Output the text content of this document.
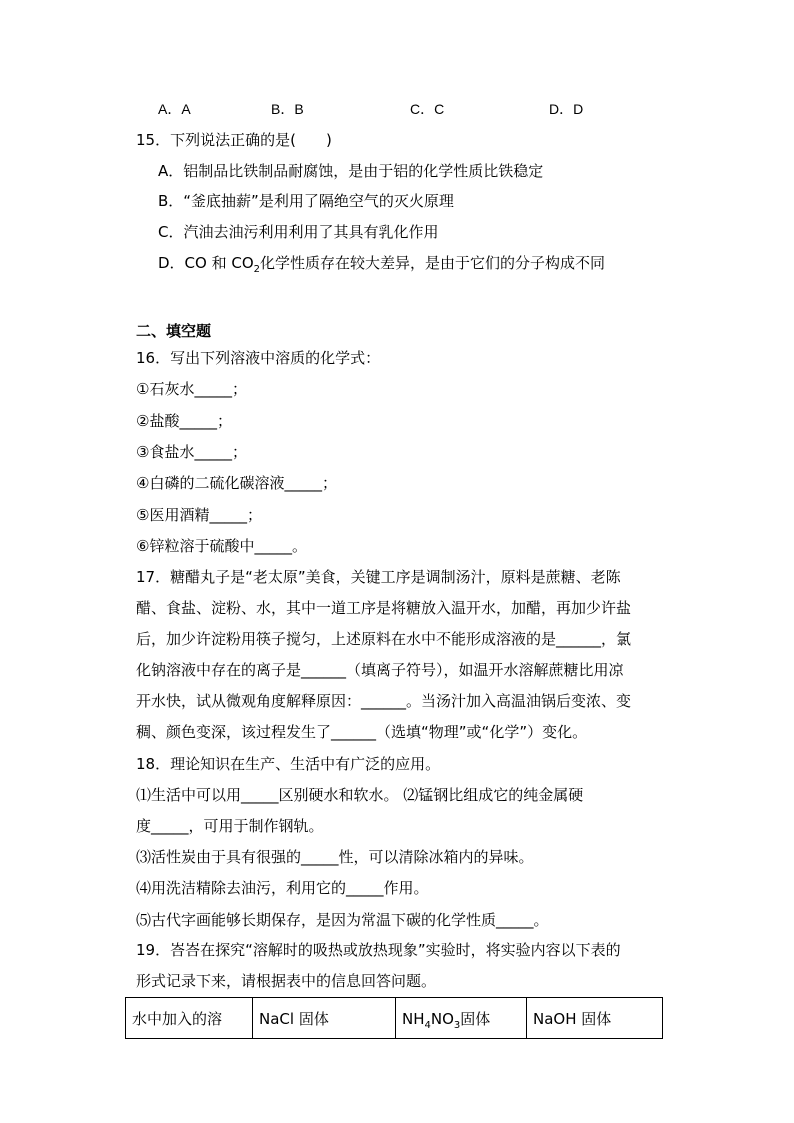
A．A	B．B	C．C	D．D
15．下列说法正确的是(　　)
A．铝制品比铁制品耐腐蚀，是由于铝的化学性质比铁稳定
B．“釜底抽薪”是利用了隔绝空气的灭火原理
C．汽油去油污利用利用了其具有乳化作用
D．CO 和 $CO_2$化学性质存在较大差异，是由于它们的分子构成不同
二、填空题
16．写出下列溶液中溶质的化学式：
①石灰水_____；
②盐酸_____；
③食盐水_____；
④白磷的二硫化碳溶液_____；
⑤医用酒精_____；
⑥锌粒溶于硫酸中_____。
17．糖醋丸子是“老太原”美食，关键工序是调制汤汁，原料是蔗糖、老陈
醋、食盐、淀粉、水，其中一道工序是将糖放入温开水，加醋，再加少许盐
后，加少许淀粉用筷子搅匀，上述原料在水中不能形成溶液的是______，氯
化钠溶液中存在的离子是______（填离子符号），如温开水溶解蔗糖比用凉
开水快，试从微观角度解释原因：______。当汤汁加入高温油锅后变浓、变
稠、颜色变深，该过程发生了______（选填“物理”或“化学”）变化。
18．理论知识在生产、生活中有广泛的应用。
⑴生活中可以用_____区别硬水和软水。 ⑵锰钢比组成它的纯金属硬
度_____，可用于制作钢轨。
⑶活性炭由于具有很强的_____性，可以清除冰箱内的异味。
⑷用洗洁精除去油污，利用它的_____作用。
⑸古代字画能够长期保存，是因为常温下碳的化学性质_____。
19．峇峇在探究“溶解时的吸热或放热现象”实验时，将实验内容以下表的
形式记录下来，请根据表中的信息回答问题。
水中加入的溶	NaCl 固体	$NH_4NO_3$固体	NaOH 固体
